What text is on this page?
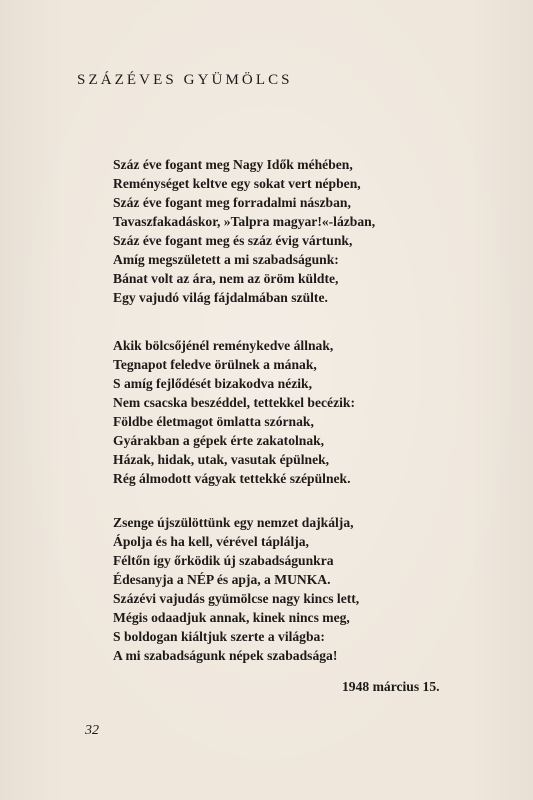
SZÁZÉVES GYÜMÖLCS
Száz éve fogant meg Nagy Idők méhében,
Reménységet keltve egy sokat vert népben,
Száz éve fogant meg forradalmi nászban,
Tavaszfakadáskor, »Talpra magyar!«-lázban,
Száz éve fogant meg és száz évig vártunk,
Amíg megszületett a mi szabadságunk:
Bánat volt az ára, nem az öröm küldte,
Egy vajudó világ fájdalmában szülte.
Akik bölcsőjénél reménykedve állnak,
Tegnapot feledve örülnek a mának,
S amíg fejlődését bizakodva nézik,
Nem csacska beszéddel, tettekkel becézik:
Földbe életmagot ömlatta szórnak,
Gyárakban a gépek érte zakatolnak,
Házak, hidak, utak, vasutak épülnek,
Rég álmodott vágyak tettekké szépülnek.
Zsenge újszülöttünk egy nemzet dajkálja,
Ápolja és ha kell, vérével táplálja,
Féltőn így őrködik új szabadságunkra
Édesanyja a NÉP és apja, a MUNKA.
Százévi vajudás gyümölcse nagy kincs lett,
Mégis odaadjuk annak, kinek nincs meg,
S boldogan kiáltjuk szerte a világba:
A mi szabadságunk népek szabadsága!
1948 március 15.
32
